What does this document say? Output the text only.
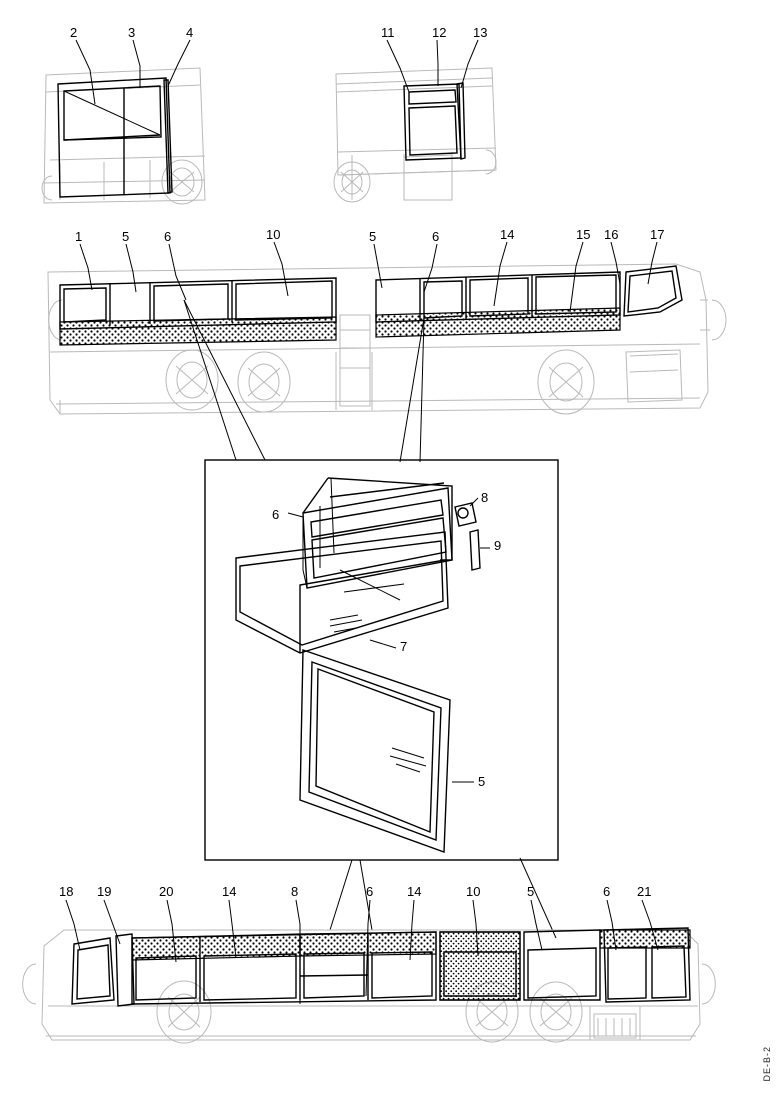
2	3	4	11	12 13
1	5	6	10	5	6	14	15 16 17
6
8
9
7
5
18 19	20	14	8	6	14	10	5	6 21
DE-B-2
